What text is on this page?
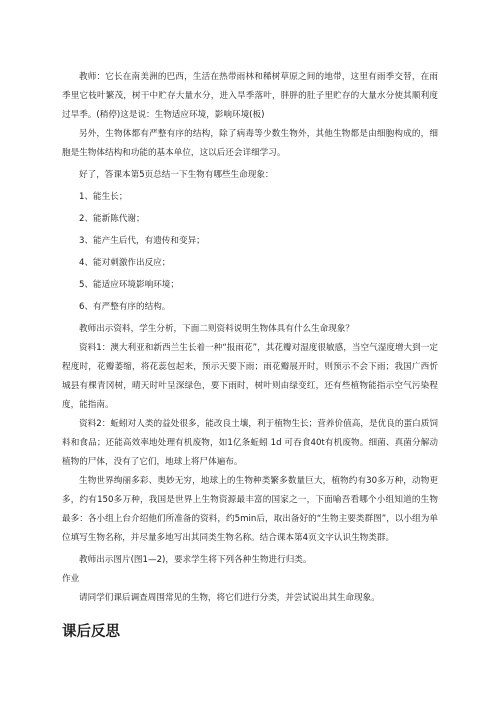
教师：它长在南美洲的巴西，生活在热带雨林和稀树草原之间的地带，这里有雨季交替，在雨季里它枝叶繁茂，树干中贮存大量水分，进入旱季落叶，胖胖的肚子里贮存的大量水分使其顺利度过旱季。(稍停)这是说：生物适应环境，影响环境(板)

另外，生物体都有严整有序的结构，除了病毒等少数生物外，其他生物都是由细胞构成的，细胞是生物体结构和功能的基本单位，这以后还会详细学习。

好了，答课本第5页总结一下生物有哪些生命现象：

1、能生长；

2、能新陈代谢；

3、能产生后代，有遗传和变异；

4、能对刺激作出反应；

5、能适应环境影响环境；

6、有严整有序的结构。

教师出示资料，学生分析，下面二则资料说明生物体具有什么生命现象？

资料1：澳大利亚和新西兰生长着一种“报雨花”，其花瓣对湿度很敏感，当空气湿度增大到一定程度时，花瓣萎缩，将花蕊包起来，预示天要下雨；雨花瓣展开时，则预示不会下雨；我国广西忻城县有棵青冈树，晴天时叶呈深绿色，要下雨时，树叶则由绿变红，还有些植物能指示空气污染程度，能指南。

资料2：蚯蚓对人类的益处很多，能改良土壤，利于植物生长；营养价值高，是优良的蛋白质饲料和食品；还能高效率地处理有机废物，如1亿条蚯蚓 1d 可吞食40t有机废物。细菌、真菌分解动植物的尸体，没有了它们，地球上将尸体遍布。

生物世界绚丽多彩、奥妙无穷，地球上的生物种类繁多数量巨大，植物约有30多万种，动物更多，约有150多万种，我国是世界上生物资源最丰富的国家之一，下面喻吾看哪个小组知道的生物最多：各小组上台介绍他们所准备的资料，约5min后，取出备好的“生物主要类群图”，以小组为单位填写生物名称，并尽量多地写出其同类生物名称。结合课本第4页文字认识生物类群。

教师出示图片(图1—2)，要求学生将下列各种生物进行归类。

作业

请同学们课后调查周围常见的生物，将它们进行分类，并尝试说出其生命现象。

课后反思
